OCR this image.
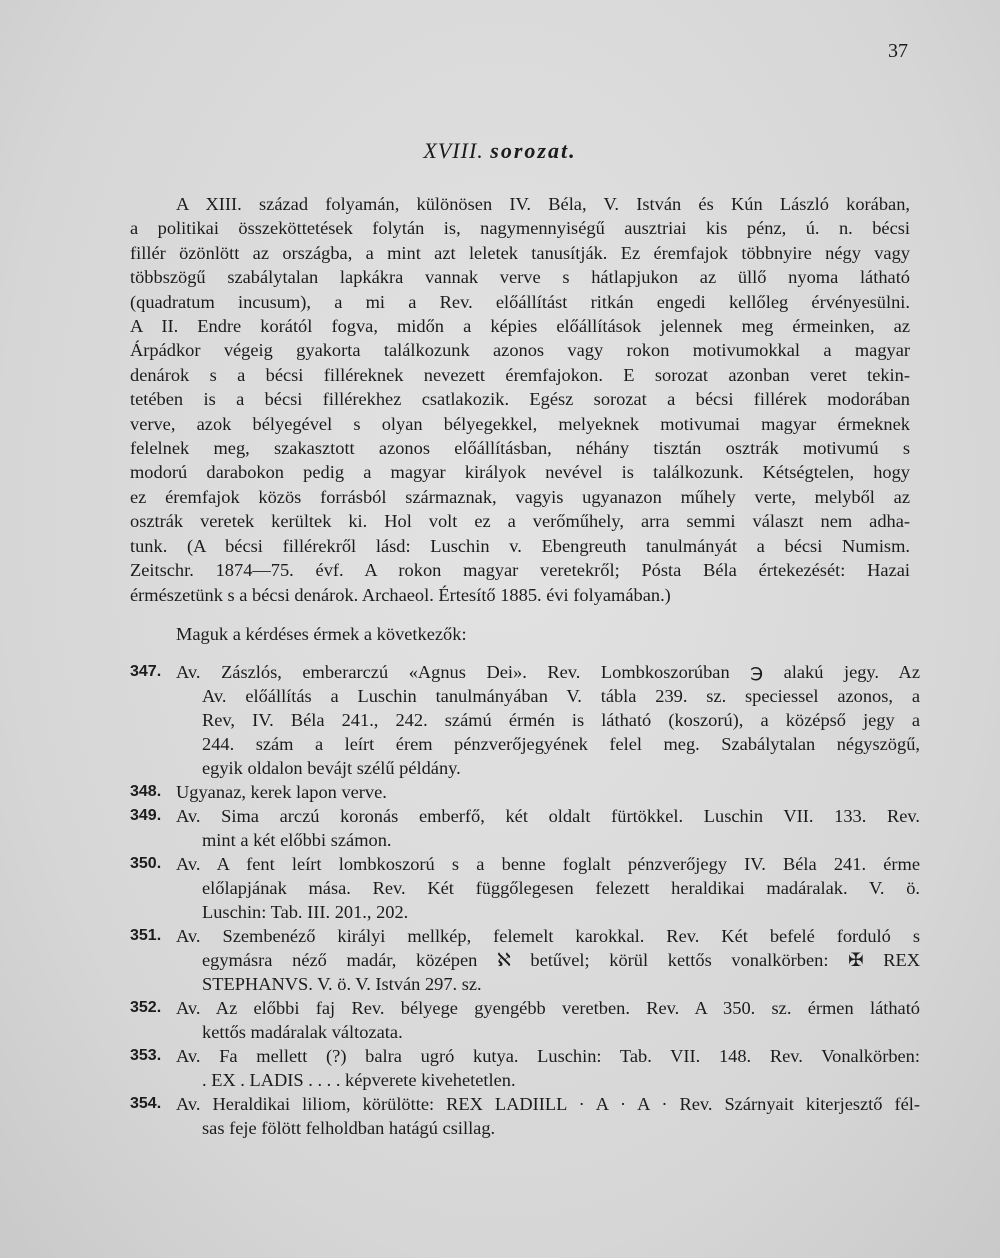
37
XVIII. sorozat.
A XIII. század folyamán, különösen IV. Béla, V. István és Kún László korában,
a politikai összeköttetések folytán is, nagymennyiségű ausztriai kis pénz, ú. n. bécsi
fillér özönlött az országba, a mint azt leletek tanusítják. Ez éremfajok többnyire négy vagy
többszögű szabálytalan lapkákra vannak verve s hátlapjukon az üllő nyoma látható
(quadratum incusum), a mi a Rev. előállítást ritkán engedi kellőleg érvényesülni.
A II. Endre korától fogva, midőn a képies előállítások jelennek meg érmeinken, az
Árpádkor végeig gyakorta találkozunk azonos vagy rokon motivumokkal a magyar
denárok s a bécsi filléreknek nevezett éremfajokon. E sorozat azonban veret tekin-
tetében is a bécsi fillérekhez csatlakozik. Egész sorozat a bécsi fillérek modorában
verve, azok bélyegével s olyan bélyegekkel, melyeknek motivumai magyar érmeknek
felelnek meg, szakasztott azonos előállításban, néhány tisztán osztrák motivumú s
modorú darabokon pedig a magyar királyok nevével is találkozunk. Kétségtelen, hogy
ez éremfajok közös forrásból származnak, vagyis ugyanazon műhely verte, melyből az
osztrák veretek kerültek ki. Hol volt ez a verőműhely, arra semmi választ nem adha-
tunk. (A bécsi fillérekről lásd: Luschin v. Ebengreuth tanulmányát a bécsi Numism.
Zeitschr. 1874—75. évf. A rokon magyar veretekről; Pósta Béla értekezését: Hazai
érmészetünk s a bécsi denárok. Archaeol. Értesítő 1885. évi folyamában.)
Maguk a kérdéses érmek a következők:
347. Av. Zászlós, emberarczú «Agnus Dei». Rev. Lombkoszorúban ℈ alakú jegy. Az
Av. előállítás a Luschin tanulmányában V. tábla 239. sz. speciessel azonos, a
Rev, IV. Béla 241., 242. számú érmén is látható (koszorú), a középső jegy a
244. szám a leírt érem pénzverőjegyének felel meg. Szabálytalan négyszögű,
egyik oldalon bevájt szélű példány.
348. Ugyanaz, kerek lapon verve.
349. Av. Sima arczú koronás emberfő, két oldalt fürtökkel. Luschin VII. 133. Rev.
mint a két előbbi számon.
350. Av. A fent leírt lombkoszorú s a benne foglalt pénzverőjegy IV. Béla 241. érme
előlapjának mása. Rev. Két függőlegesen felezett heraldikai madáralak. V. ö.
Luschin: Tab. III. 201., 202.
351. Av. Szembenéző királyi mellkép, felemelt karokkal. Rev. Két befelé forduló s
egymásra néző madár, középen ℵ betűvel; körül kettős vonalkörben: ✠ REX
STEPHANVS. V. ö. V. István 297. sz.
352. Av. Az előbbi faj Rev. bélyege gyengébb veretben. Rev. A 350. sz. érmen látható
kettős madáralak változata.
353. Av. Fa mellett (?) balra ugró kutya. Luschin: Tab. VII. 148. Rev. Vonalkörben:
. EX . LADIS . . . . képverete kivehetetlen.
354. Av. Heraldikai liliom, körülötte: REX LADIILL · A · A · Rev. Szárnyait kiterjesztő fél-
sas feje fölött felholdban hatágú csillag.
